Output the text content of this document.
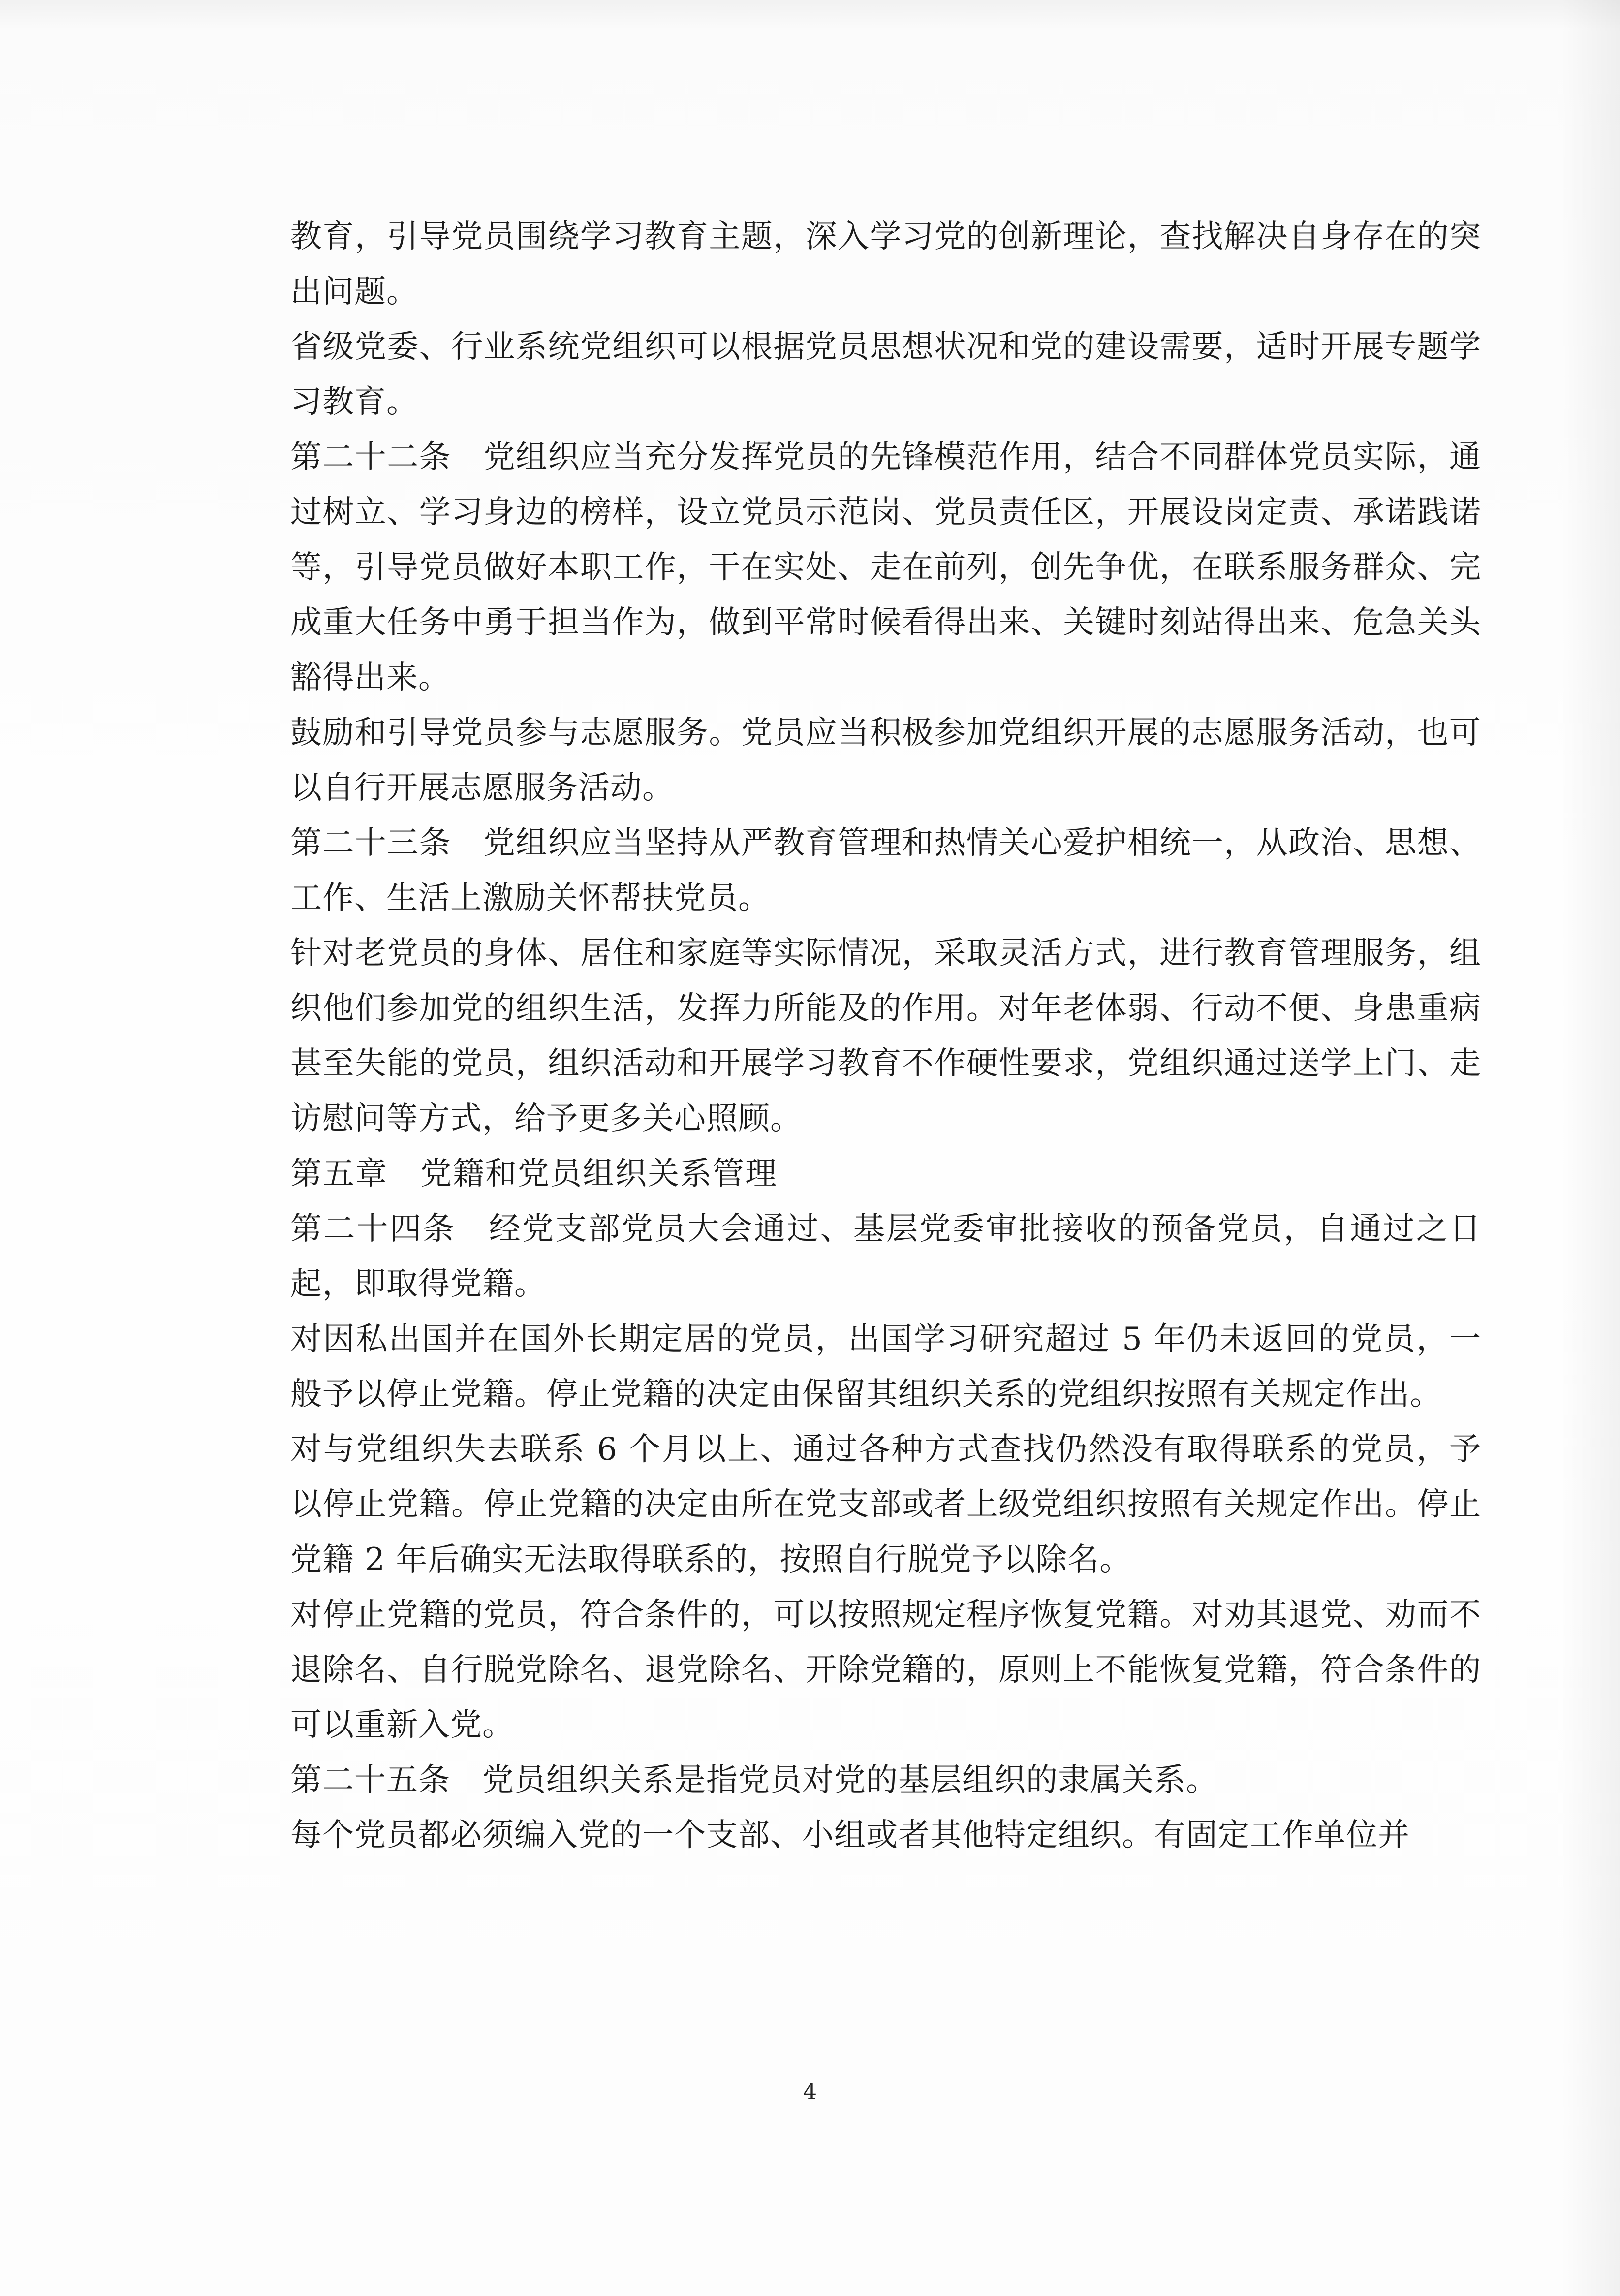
教育，引导党员围绕学习教育主题，深入学习党的创新理论，查找解决自身存在的突出问题。

省级党委、行业系统党组织可以根据党员思想状况和党的建设需要，适时开展专题学习教育。

第二十二条　党组织应当充分发挥党员的先锋模范作用，结合不同群体党员实际，通过树立、学习身边的榜样，设立党员示范岗、党员责任区，开展设岗定责、承诺践诺等，引导党员做好本职工作，干在实处、走在前列，创先争优，在联系服务群众、完成重大任务中勇于担当作为，做到平常时候看得出来、关键时刻站得出来、危急关头豁得出来。

鼓励和引导党员参与志愿服务。党员应当积极参加党组织开展的志愿服务活动，也可以自行开展志愿服务活动。

第二十三条　党组织应当坚持从严教育管理和热情关心爱护相统一，从政治、思想、工作、生活上激励关怀帮扶党员。

针对老党员的身体、居住和家庭等实际情况，采取灵活方式，进行教育管理服务，组织他们参加党的组织生活，发挥力所能及的作用。对年老体弱、行动不便、身患重病甚至失能的党员，组织活动和开展学习教育不作硬性要求，党组织通过送学上门、走访慰问等方式，给予更多关心照顾。

第五章　党籍和党员组织关系管理

第二十四条　经党支部党员大会通过、基层党委审批接收的预备党员，自通过之日起，即取得党籍。

对因私出国并在国外长期定居的党员，出国学习研究超过 5 年仍未返回的党员，一般予以停止党籍。停止党籍的决定由保留其组织关系的党组织按照有关规定作出。

对与党组织失去联系 6 个月以上、通过各种方式查找仍然没有取得联系的党员，予以停止党籍。停止党籍的决定由所在党支部或者上级党组织按照有关规定作出。停止党籍 2 年后确实无法取得联系的，按照自行脱党予以除名。

对停止党籍的党员，符合条件的，可以按照规定程序恢复党籍。对劝其退党、劝而不退除名、自行脱党除名、退党除名、开除党籍的，原则上不能恢复党籍，符合条件的可以重新入党。

第二十五条　党员组织关系是指党员对党的基层组织的隶属关系。

每个党员都必须编入党的一个支部、小组或者其他特定组织。有固定工作单位并

4
